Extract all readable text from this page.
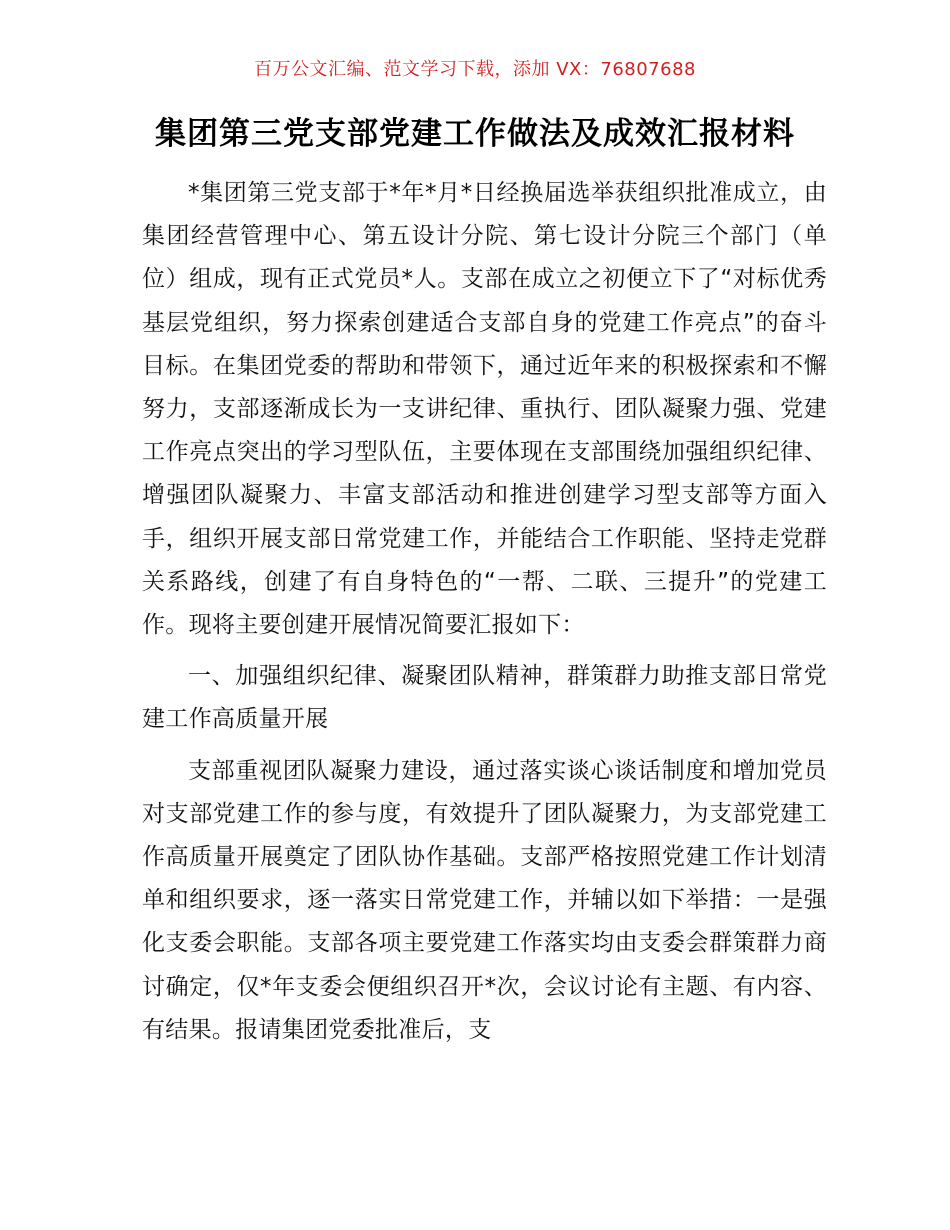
百万公文汇编、范文学习下载，添加 VX：76807688
集团第三党支部党建工作做法及成效汇报材料

*集团第三党支部于*年*月*日经换届选举获组织批准成立，由集团经营管理中心、第五设计分院、第七设计分院三个部门（单位）组成，现有正式党员*人。支部在成立之初便立下了“对标优秀基层党组织，努力探索创建适合支部自身的党建工作亮点”的奋斗目标。在集团党委的帮助和带领下，通过近年来的积极探索和不懈努力，支部逐渐成长为一支讲纪律、重执行、团队凝聚力强、党建工作亮点突出的学习型队伍，主要体现在支部围绕加强组织纪律、增强团队凝聚力、丰富支部活动和推进创建学习型支部等方面入手，组织开展支部日常党建工作，并能结合工作职能、坚持走党群关系路线，创建了有自身特色的“一帮、二联、三提升”的党建工作。现将主要创建开展情况简要汇报如下：

一、加强组织纪律、凝聚团队精神，群策群力助推支部日常党建工作高质量开展

支部重视团队凝聚力建设，通过落实谈心谈话制度和增加党员对支部党建工作的参与度，有效提升了团队凝聚力，为支部党建工作高质量开展奠定了团队协作基础。支部严格按照党建工作计划清单和组织要求，逐一落实日常党建工作，并辅以如下举措：一是强化支委会职能。支部各项主要党建工作落实均由支委会群策群力商讨确定，仅*年支委会便组织召开*次，会议讨论有主题、有内容、有结果。报请集团党委批准后，支
